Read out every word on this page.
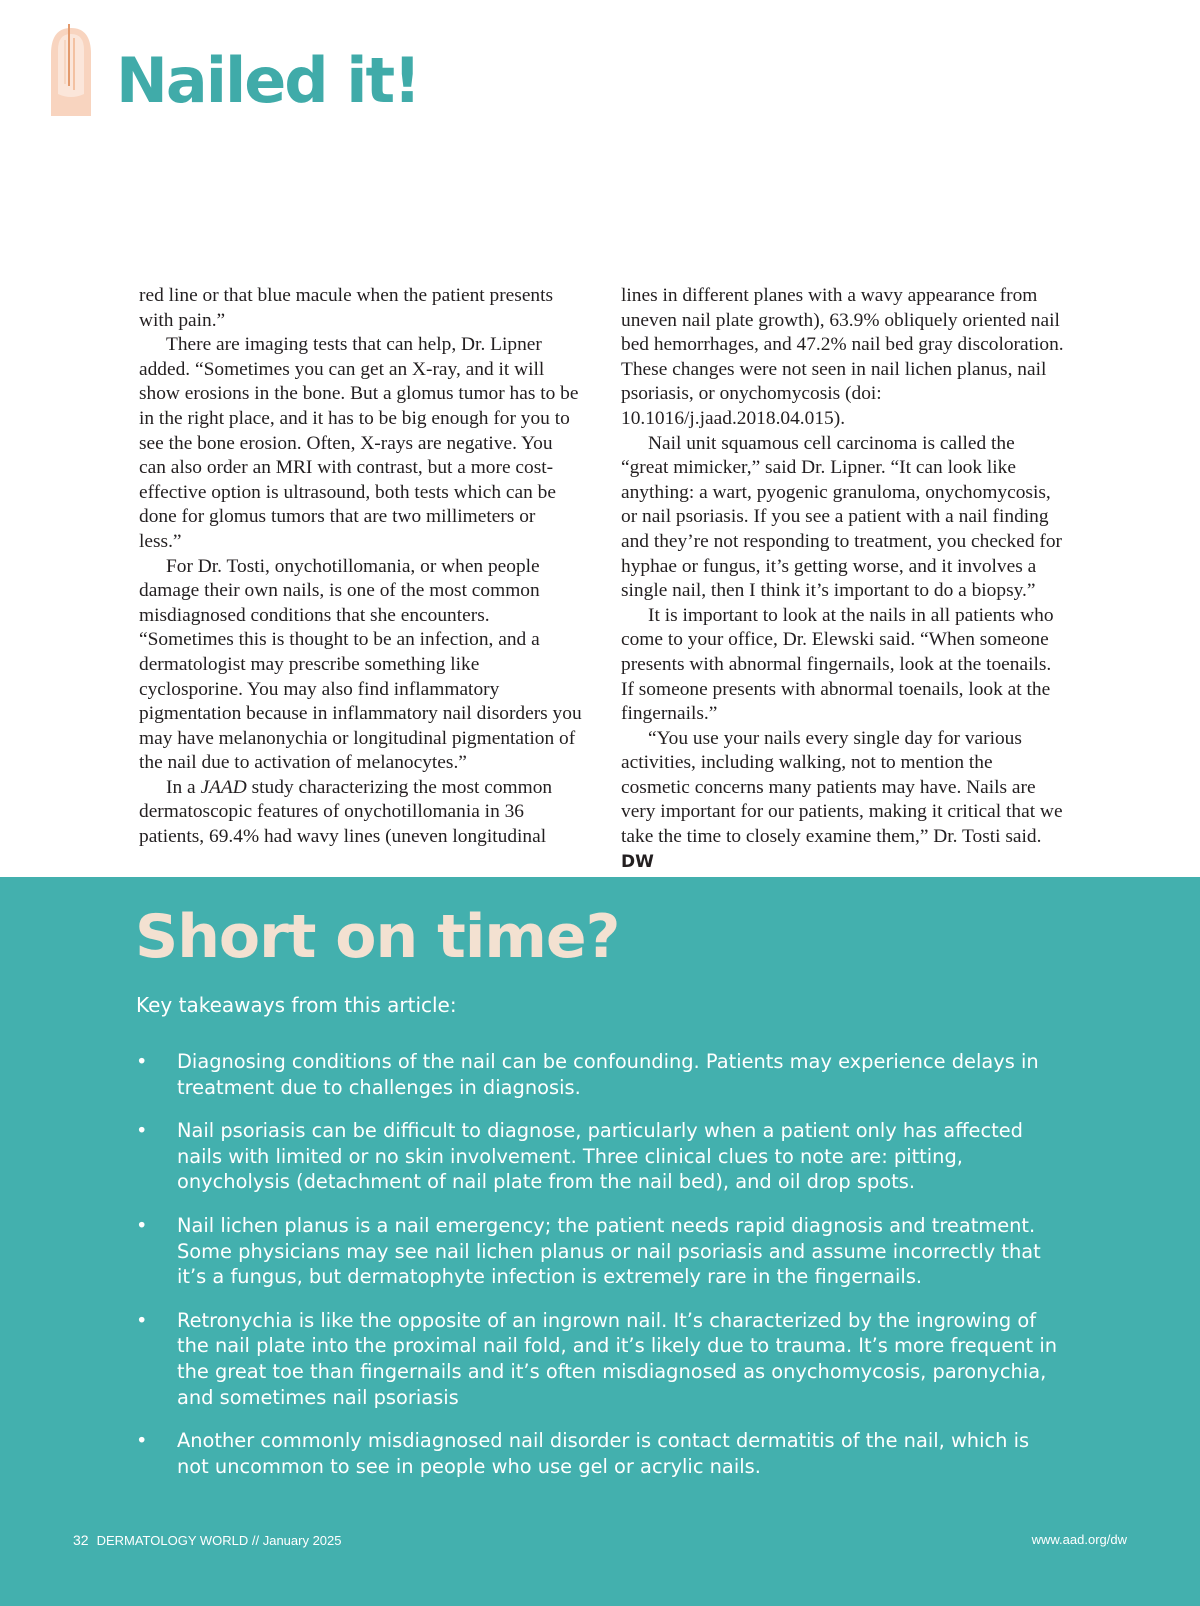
Nailed it!

red line or that blue macule when the patient presents with pain.”

There are imaging tests that can help, Dr. Lipner added. “Sometimes you can get an X-ray, and it will show erosions in the bone. But a glomus tumor has to be in the right place, and it has to be big enough for you to see the bone erosion. Often, X-rays are negative. You can also order an MRI with contrast, but a more cost-effective option is ultrasound, both tests which can be done for glomus tumors that are two millimeters or less.”

For Dr. Tosti, onychotillomania, or when people damage their own nails, is one of the most common misdiagnosed conditions that she encounters. “Sometimes this is thought to be an infection, and a dermatologist may prescribe something like cyclosporine. You may also find inflammatory pigmentation because in inflammatory nail disorders you may have melanonychia or longitudinal pigmentation of the nail due to activation of melanocytes.”

In a JAAD study characterizing the most common dermatoscopic features of onychotillomania in 36 patients, 69.4% had wavy lines (uneven longitudinal

lines in different planes with a wavy appearance from uneven nail plate growth), 63.9% obliquely oriented nail bed hemorrhages, and 47.2% nail bed gray discoloration. These changes were not seen in nail lichen planus, nail psoriasis, or onychomycosis (doi: 10.1016/j.jaad.2018.04.015).

Nail unit squamous cell carcinoma is called the “great mimicker,” said Dr. Lipner. “It can look like anything: a wart, pyogenic granuloma, onychomycosis, or nail psoriasis. If you see a patient with a nail finding and they’re not responding to treatment, you checked for hyphae or fungus, it’s getting worse, and it involves a single nail, then I think it’s important to do a biopsy.”

It is important to look at the nails in all patients who come to your office, Dr. Elewski said. “When someone presents with abnormal fingernails, look at the toenails. If someone presents with abnormal toenails, look at the fingernails.”

“You use your nails every single day for various activities, including walking, not to mention the cosmetic concerns many patients may have. Nails are very important for our patients, making it critical that we take the time to closely examine them,” Dr. Tosti said. DW

Short on time?
Key takeaways from this article:
• Diagnosing conditions of the nail can be confounding. Patients may experience delays in treatment due to challenges in diagnosis.
• Nail psoriasis can be difficult to diagnose, particularly when a patient only has affected nails with limited or no skin involvement. Three clinical clues to note are: pitting, onycholysis (detachment of nail plate from the nail bed), and oil drop spots.
• Nail lichen planus is a nail emergency; the patient needs rapid diagnosis and treatment. Some physicians may see nail lichen planus or nail psoriasis and assume incorrectly that it’s a fungus, but dermatophyte infection is extremely rare in the fingernails.
• Retronychia is like the opposite of an ingrown nail. It’s characterized by the ingrowing of the nail plate into the proximal nail fold, and it’s likely due to trauma. It’s more frequent in the great toe than fingernails and it’s often misdiagnosed as onychomycosis, paronychia, and sometimes nail psoriasis
• Another commonly misdiagnosed nail disorder is contact dermatitis of the nail, which is not uncommon to see in people who use gel or acrylic nails.
32 DERMATOLOGY WORLD // January 2025	www.aad.org/dw
